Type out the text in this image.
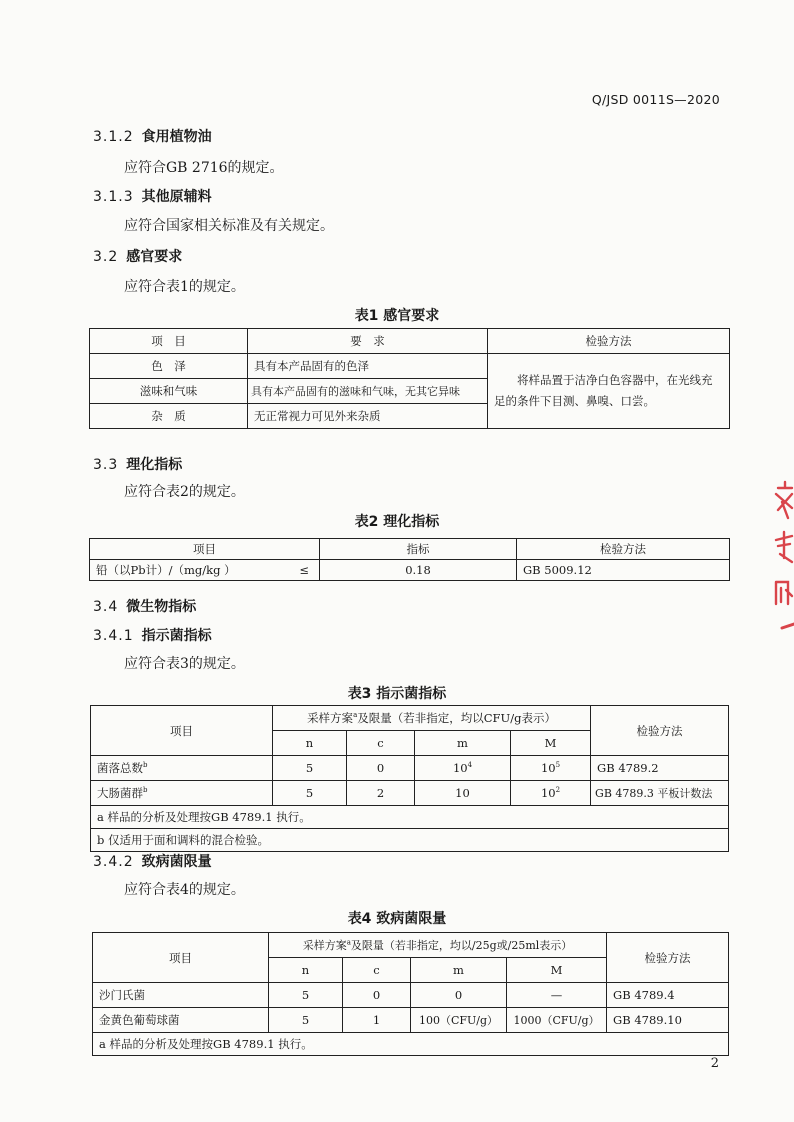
Q/JSD 0011S—2020
3.1.2 食用植物油
应符合GB 2716的规定。
3.1.3 其他原辅料
应符合国家相关标准及有关规定。
3.2 感官要求
应符合表1的规定。
表1 感官要求
项　目	要　求	检验方法
色　泽	具有本产品固有的色泽	将样品置于洁净白色容器中，在光线充足的条件下目测、鼻嗅、口尝。
滋味和气味	具有本产品固有的滋味和气味，无其它异味	
杂　质	无正常视力可见外来杂质	
3.3 理化指标
应符合表2的规定。
表2 理化指标
项目	指标	检验方法
铅（以Pb计）/（mg/kg ） ≤	0.18	GB 5009.12
3.4 微生物指标
3.4.1 指示菌指标
应符合表3的规定。
表3 指示菌指标
项目	采样方案$^a$及限量（若非指定，均以CFU/g表示）				检验方法
	n	c	m	M	
菌落总数$^b$	5	0	$10^4$	$10^5$	GB 4789.2
大肠菌群$^b$	5	2	10	$10^2$	GB 4789.3 平板计数法
a 样品的分析及处理按GB 4789.1 执行。					
b 仅适用于面和调料的混合检验。					
3.4.2 致病菌限量
应符合表4的规定。
表4 致病菌限量
项目	采样方案$^a$及限量（若非指定，均以/25g或/25ml表示）				检验方法
	n	c	m	M	
沙门氏菌	5	0	0	—	GB 4789.4
金黄色葡萄球菌	5	1	100（CFU/g）	1000（CFU/g）	GB 4789.10
a 样品的分析及处理按GB 4789.1 执行。					
2
